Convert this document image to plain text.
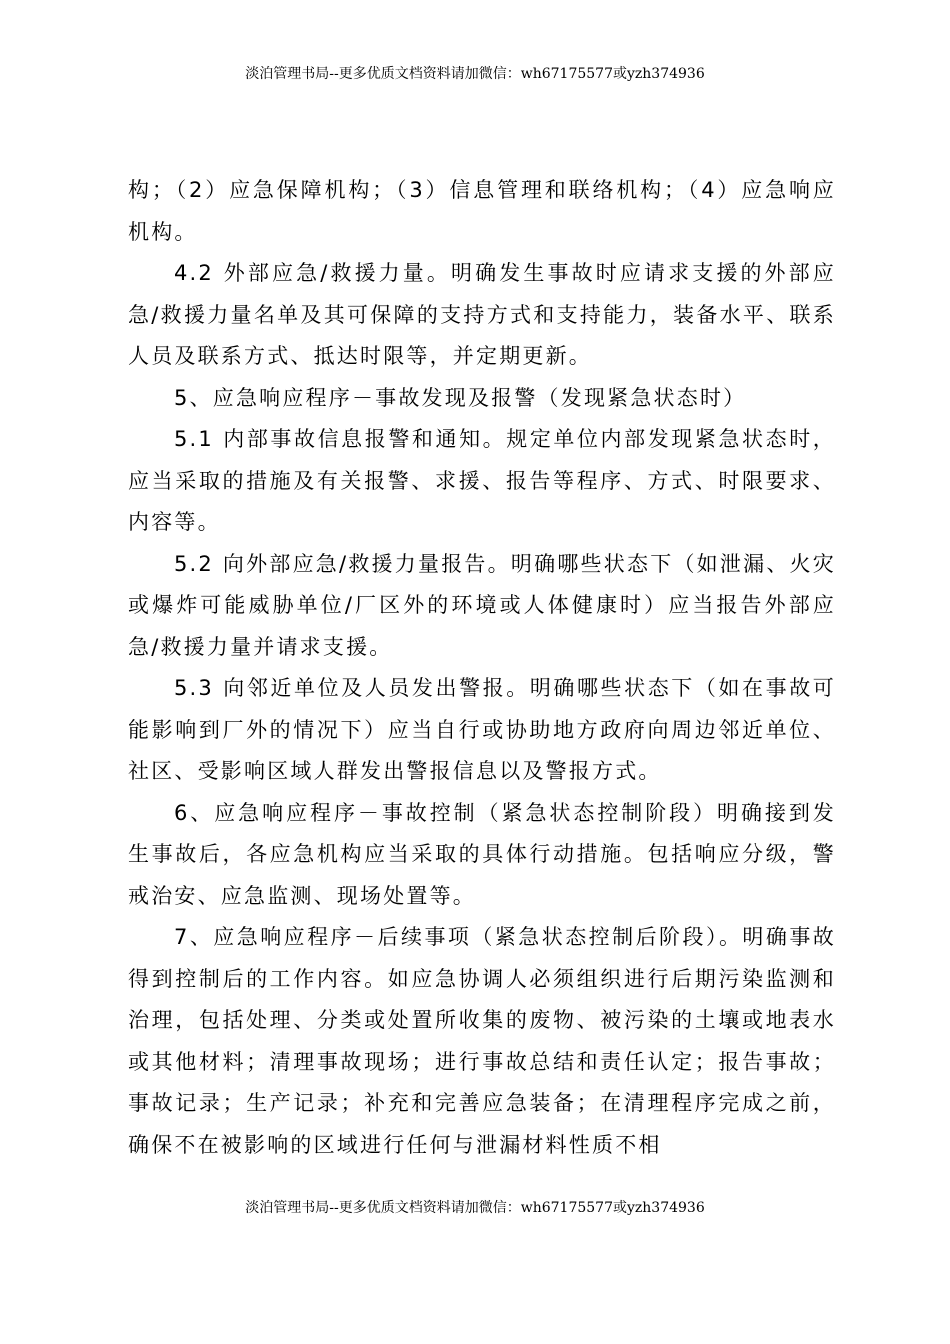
淡泊管理书局--更多优质文档资料请加微信：wh67175577或yzh374936

构；（2）应急保障机构；（3）信息管理和联络机构；（4）应急响应机构。

4.2 外部应急/救援力量。明确发生事故时应请求支援的外部应急/救援力量名单及其可保障的支持方式和支持能力，装备水平、联系人员及联系方式、抵达时限等，并定期更新。

5、应急响应程序－事故发现及报警（发现紧急状态时）

5.1 内部事故信息报警和通知。规定单位内部发现紧急状态时，应当采取的措施及有关报警、求援、报告等程序、方式、时限要求、内容等。

5.2 向外部应急/救援力量报告。明确哪些状态下（如泄漏、火灾或爆炸可能威胁单位/厂区外的环境或人体健康时）应当报告外部应急/救援力量并请求支援。

5.3 向邻近单位及人员发出警报。明确哪些状态下（如在事故可能影响到厂外的情况下）应当自行或协助地方政府向周边邻近单位、社区、受影响区域人群发出警报信息以及警报方式。

6、应急响应程序－事故控制（紧急状态控制阶段）明确接到发生事故后，各应急机构应当采取的具体行动措施。包括响应分级，警戒治安、应急监测、现场处置等。

7、应急响应程序－后续事项（紧急状态控制后阶段）。明确事故得到控制后的工作内容。如应急协调人必须组织进行后期污染监测和治理，包括处理、分类或处置所收集的废物、被污染的土壤或地表水或其他材料；清理事故现场；进行事故总结和责任认定；报告事故；事故记录；生产记录；补充和完善应急装备；在清理程序完成之前，确保不在被影响的区域进行任何与泄漏材料性质不相

淡泊管理书局--更多优质文档资料请加微信：wh67175577或yzh374936
